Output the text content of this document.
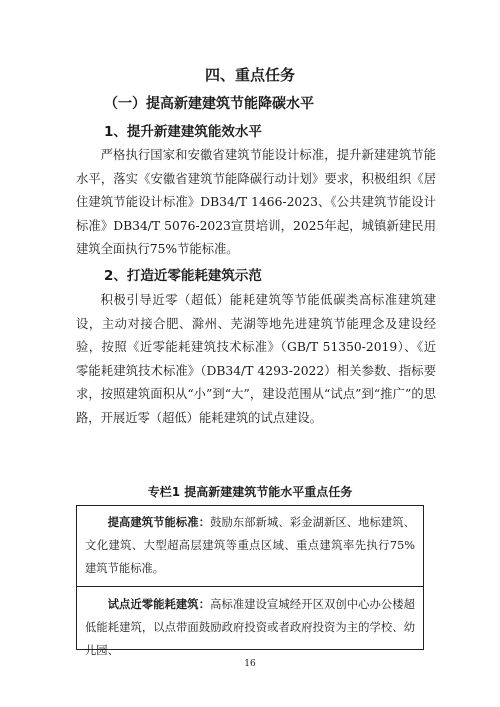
四、重点任务
（一）提高新建建筑节能降碳水平
1、提升新建建筑能效水平
严格执行国家和安徽省建筑节能设计标准，提升新建建筑节能水平，落实《安徽省建筑节能降碳行动计划》要求，积极组织《居住建筑节能设计标准》DB34/T 1466-2023、《公共建筑节能设计标准》DB34/T 5076-2023宣贯培训，2025年起，城镇新建民用建筑全面执行75%节能标准。
2、打造近零能耗建筑示范
积极引导近零（超低）能耗建筑等节能低碳类高标准建筑建设，主动对接合肥、滁州、芜湖等地先进建筑节能理念及建设经验，按照《近零能耗建筑技术标准》（GB/T 51350-2019）、《近零能耗建筑技术标准》（DB34/T 4293-2022）相关参数、指标要求，按照建筑面积从“小”到“大”，建设范围从“试点”到“推广”的思路，开展近零（超低）能耗建筑的试点建设。
专栏1 提高新建建筑节能水平重点任务
提高建筑节能标准：鼓励东部新城、彩金湖新区、地标建筑、文化建筑、大型超高层建筑等重点区域、重点建筑率先执行75%建筑节能标准。
试点近零能耗建筑：高标准建设宣城经开区双创中心办公楼超低能耗建筑，以点带面鼓励政府投资或者政府投资为主的学校、幼儿园、
16
